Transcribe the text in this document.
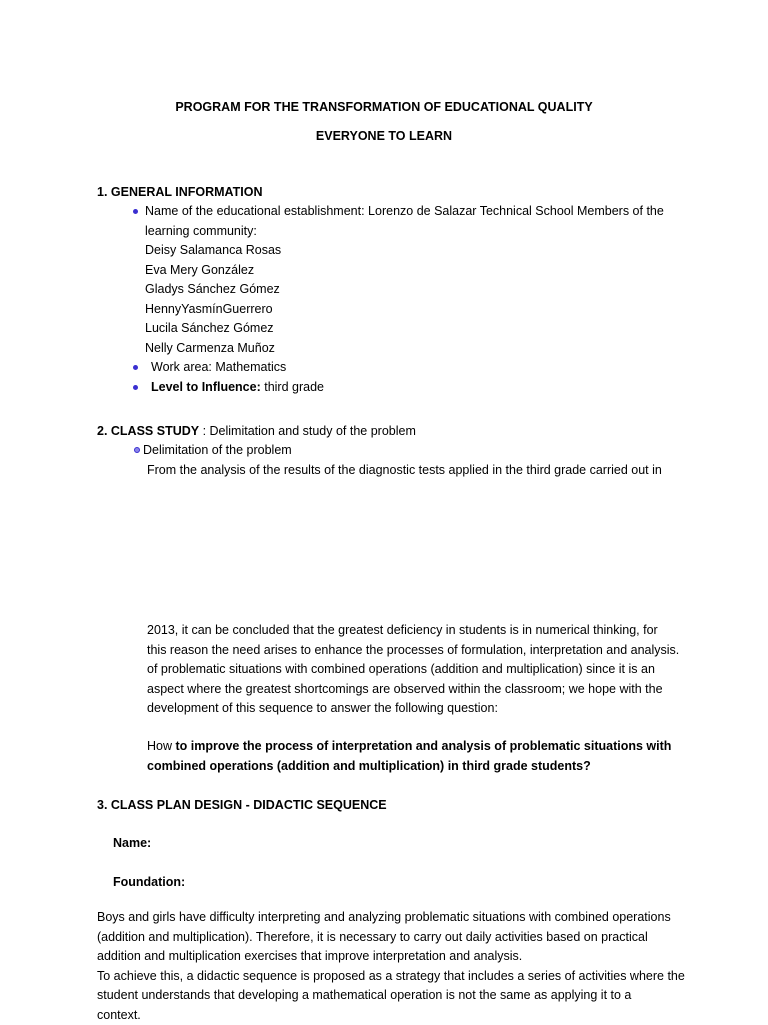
PROGRAM FOR THE TRANSFORMATION OF EDUCATIONAL QUALITY
EVERYONE TO LEARN
1. GENERAL INFORMATION
Name of the educational establishment: Lorenzo de Salazar Technical School Members of the
learning community:
Deisy Salamanca Rosas
Eva Mery González
Gladys Sánchez Gómez
HennyYasmínGuerrero
Lucila Sánchez Gómez
Nelly Carmenza Muñoz
Work area: Mathematics
Level to Influence: third grade
2. CLASS STUDY : Delimitation and study of the problem
Delimitation of the problem
From the analysis of the results of the diagnostic tests applied in the third grade carried out in
2013, it can be concluded that the greatest deficiency in students is in numerical thinking, for
this reason the need arises to enhance the processes of formulation, interpretation and analysis.
of problematic situations with combined operations (addition and multiplication) since it is an
aspect where the greatest shortcomings are observed within the classroom; we hope with the
development of this sequence to answer the following question:
How to improve the process of interpretation and analysis of problematic situations with
combined operations (addition and multiplication) in third grade students?
3. CLASS PLAN DESIGN - DIDACTIC SEQUENCE
Name:
Foundation:
Boys and girls have difficulty interpreting and analyzing problematic situations with combined operations
(addition and multiplication). Therefore, it is necessary to carry out daily activities based on practical
addition and multiplication exercises that improve interpretation and analysis.
To achieve this, a didactic sequence is proposed as a strategy that includes a series of activities where the
student understands that developing a mathematical operation is not the same as applying it to a
context.
